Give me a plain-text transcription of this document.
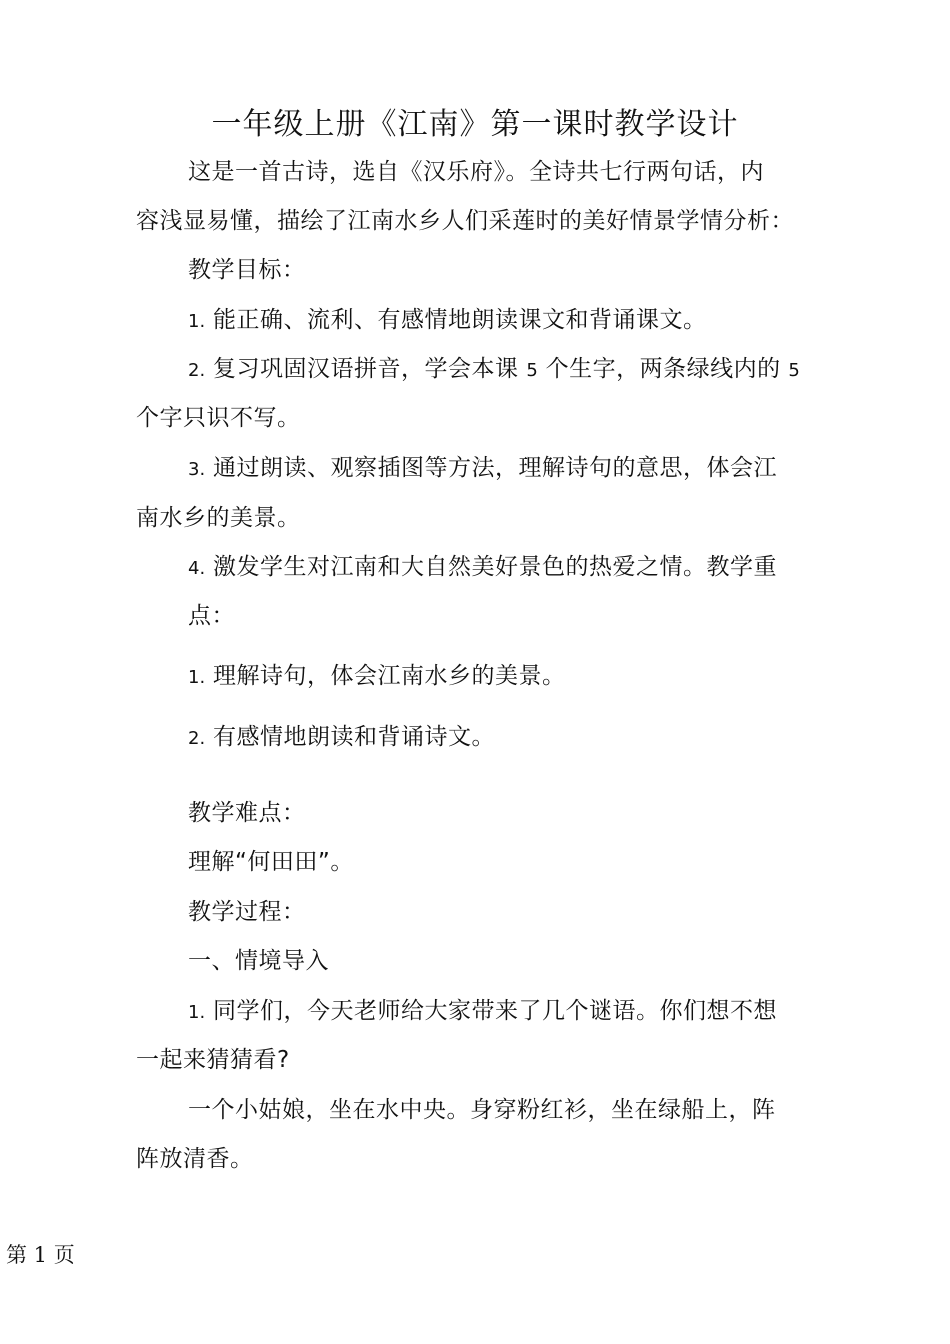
一年级上册《江南》第一课时教学设计

这是一首古诗，选自《汉乐府》。全诗共七行两句话，内

容浅显易懂，描绘了江南水乡人们采莲时的美好情景学情分析：

教学目标：

1. 能正确、流利、有感情地朗读课文和背诵课文。

2. 复习巩固汉语拼音，学会本课 5 个生字，两条绿线内的 5

个字只识不写。

3. 通过朗读、观察插图等方法，理解诗句的意思，体会江

南水乡的美景。

4. 激发学生对江南和大自然美好景色的热爱之情。教学重

点：

1. 理解诗句，体会江南水乡的美景。

2. 有感情地朗读和背诵诗文。

教学难点：

理解“何田田”。

教学过程：

一、情境导入

1. 同学们，今天老师给大家带来了几个谜语。你们想不想

一起来猜猜看?

一个小姑娘，坐在水中央。身穿粉红衫，坐在绿船上，阵

阵放清香。

第 1 页
